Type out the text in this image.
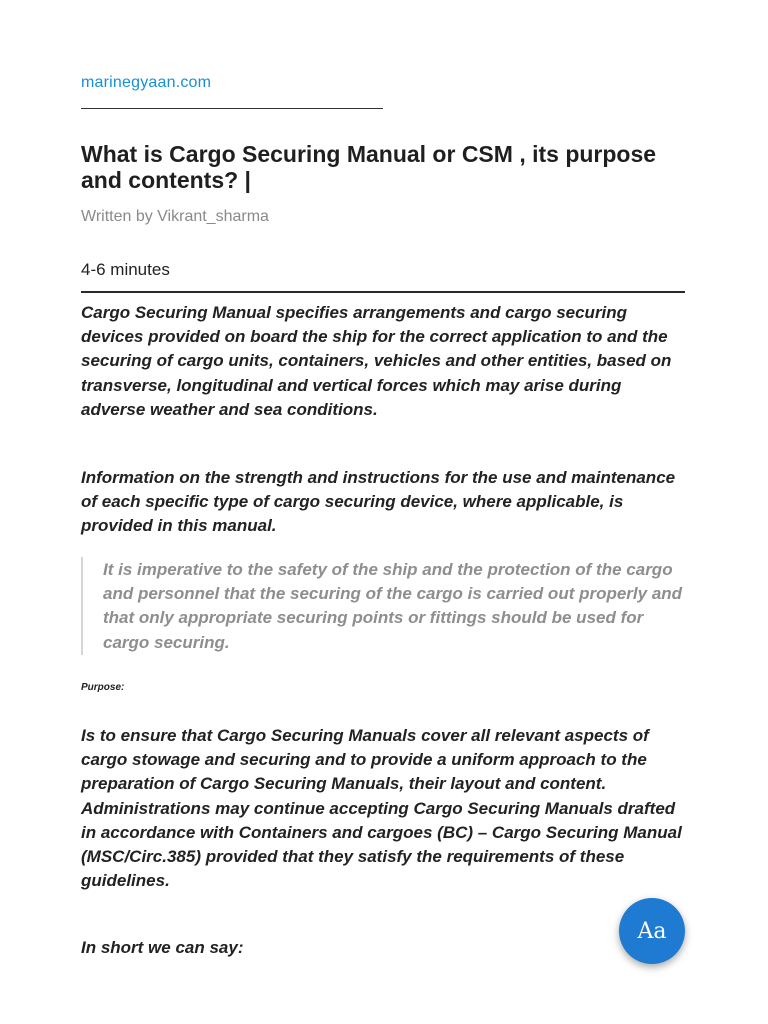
marinegyaan.com
What is Cargo Securing Manual or CSM , its purpose and contents? |
Written by Vikrant_sharma
4-6 minutes

Cargo Securing Manual specifies arrangements and cargo securing devices provided on board the ship for the correct application to and the securing of cargo units, containers, vehicles and other entities, based on transverse, longitudinal and vertical forces which may arise during adverse weather and sea conditions.

Information on the strength and instructions for the use and maintenance of each specific type of cargo securing device, where applicable, is provided in this manual.

It is imperative to the safety of the ship and the protection of the cargo and personnel that the securing of the cargo is carried out properly and that only appropriate securing points or fittings should be used for cargo securing.

Purpose:

Is to ensure that Cargo Securing Manuals cover all relevant aspects of cargo stowage and securing and to provide a uniform approach to the preparation of Cargo Securing Manuals, their layout and content. Administrations may continue accepting Cargo Securing Manuals drafted in accordance with Containers and cargoes (BC) – Cargo Securing Manual (MSC/Circ.385) provided that they satisfy the requirements of these guidelines.

In short we can say:

Aa
